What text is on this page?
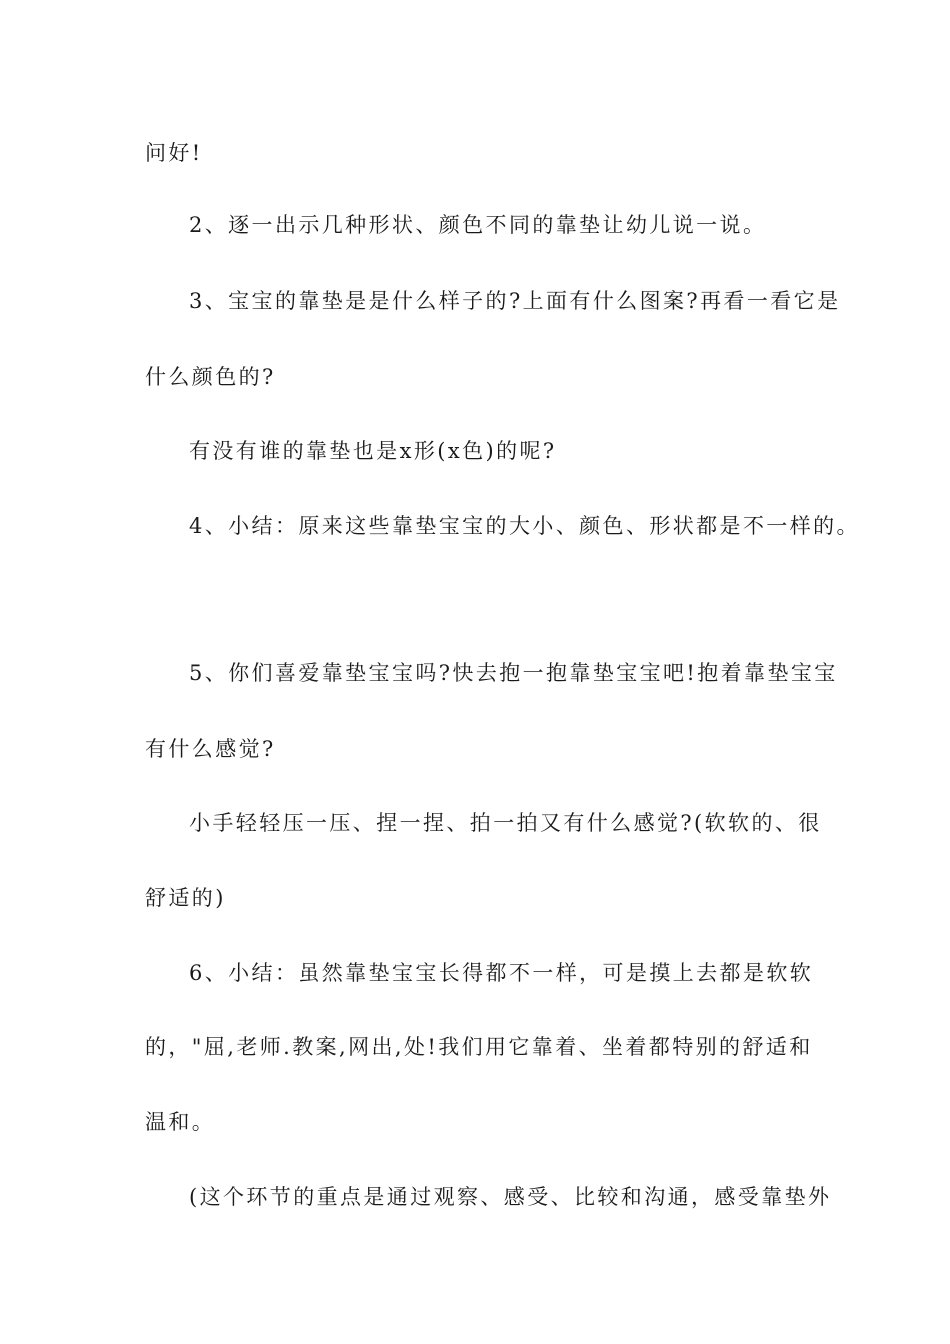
问好!
2、逐一出示几种形状、颜色不同的靠垫让幼儿说一说。
3、宝宝的靠垫是是什么样子的?上面有什么图案?再看一看它是
什么颜色的?
有没有谁的靠垫也是x形(x色)的呢?
4、小结：原来这些靠垫宝宝的大小、颜色、形状都是不一样的。
5、你们喜爱靠垫宝宝吗?快去抱一抱靠垫宝宝吧!抱着靠垫宝宝
有什么感觉?
小手轻轻压一压、捏一捏、拍一拍又有什么感觉?(软软的、很
舒适的)
6、小结：虽然靠垫宝宝长得都不一样，可是摸上去都是软软
的，"屈,老师.教案,网出,处!我们用它靠着、坐着都特别的舒适和
温和。
(这个环节的重点是通过观察、感受、比较和沟通，感受靠垫外
